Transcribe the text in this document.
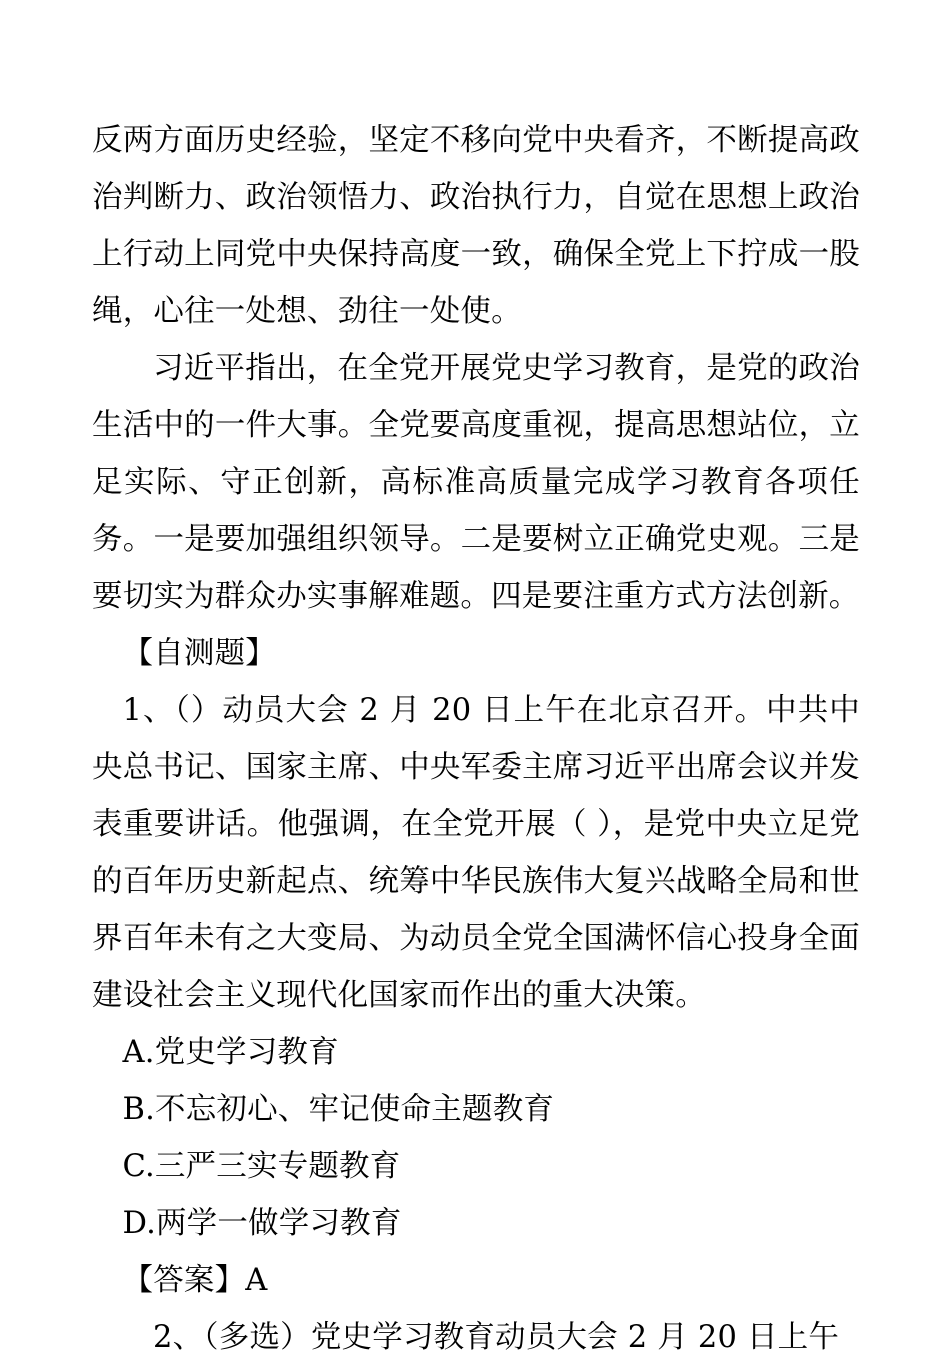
反两方面历史经验，坚定不移向党中央看齐，不断提高政治判断力、政治领悟力、政治执行力，自觉在思想上政治上行动上同党中央保持高度一致，确保全党上下拧成一股绳，心往一处想、劲往一处使。

习近平指出，在全党开展党史学习教育，是党的政治生活中的一件大事。全党要高度重视，提高思想站位，立足实际、守正创新，高标准高质量完成学习教育各项任务。一是要加强组织领导。二是要树立正确党史观。三是要切实为群众办实事解难题。四是要注重方式方法创新。

【自测题】

1、（）动员大会 2 月 20 日上午在北京召开。中共中央总书记、国家主席、中央军委主席习近平出席会议并发表重要讲话。他强调，在全党开展（ ），是党中央立足党的百年历史新起点、统筹中华民族伟大复兴战略全局和世界百年未有之大变局、为动员全党全国满怀信心投身全面建设社会主义现代化国家而作出的重大决策。

A.党史学习教育

B.不忘初心、牢记使命主题教育

C.三严三实专题教育

D.两学一做学习教育

【答案】A

2、（多选）党史学习教育动员大会 2 月 20 日上午
